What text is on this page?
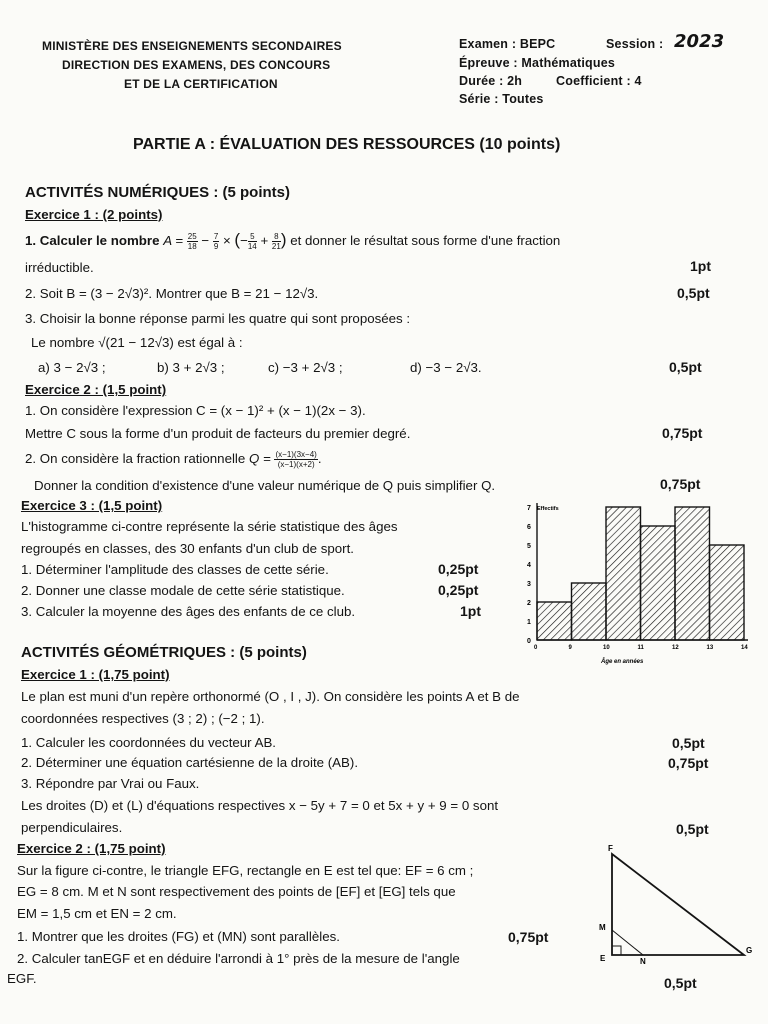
MINISTÈRE DES ENSEIGNEMENTS SECONDAIRES
DIRECTION DES EXAMENS, DES CONCOURS
ET DE LA CERTIFICATION
Examen : BEPC	Session : 2023
Épreuve : Mathématiques
Durée : 2h	Coefficient : 4
Série : Toutes
PARTIE A : ÉVALUATION DES RESSOURCES (10 points)
ACTIVITÉS NUMÉRIQUES : (5 points)
Exercice 1 : (2 points)
1. Calculer le nombre $A = \frac{25}{18} - \frac{7}{9}$ × (− $\frac{5}{14} + \frac{8}{21}$ ) et donner le résultat sous forme d'une fraction
irréductible.	1pt
2. Soit B = (3 − 2√3)². Montrer que B = 21 − 12√3.	0,5pt
3. Choisir la bonne réponse parmi les quatre qui sont proposées :
Le nombre √(21 − 12√3) est égal à :
a) 3 − 2√3 ;	b) 3 + 2√3 ;	c) −3 + 2√3 ;	d) −3 − 2√3.	0,5pt
Exercice 2 : (1,5 point)
1. On considère l'expression C = (x − 1)² + (x − 1)(2x − 3).
Mettre C sous la forme d'un produit de facteurs du premier degré.	0,75pt
2. On considère la fraction rationnelle $Q = \frac{(x-1)(3x-4)}{(x-1)(x+2)}$ .
Donner la condition d'existence d'une valeur numérique de Q puis simplifier Q.	0,75pt
Exercice 3 : (1,5 point)
L'histogramme ci-contre représente la série statistique des âges
regroupés en classes, des 30 enfants d'un club de sport.
1. Déterminer l'amplitude des classes de cette série.	0,25pt
2. Donner une classe modale de cette série statistique.	0,25pt
3. Calculer la moyenne des âges des enfants de ce club.	1pt
0
1
2
3
4
5
6
7
0	9	10	11	12	13	14
Effectifs
Âge en années
ACTIVITÉS GÉOMÉTRIQUES : (5 points)
Exercice 1 : (1,75 point)
Le plan est muni d'un repère orthonormé (O , I , J). On considère les points A et B de
coordonnées respectives (3 ; 2) ; (−2 ; 1).
1. Calculer les coordonnées du vecteur AB.	0,5pt
2. Déterminer une équation cartésienne de la droite (AB).	0,75pt
3. Répondre par Vrai ou Faux.
Les droites (D) et (L) d'équations respectives x − 5y + 7 = 0 et 5x + y + 9 = 0 sont
perpendiculaires.	0,5pt
Exercice 2 : (1,75 point)
Sur la figure ci-contre, le triangle EFG, rectangle en E est tel que: EF = 6 cm ;
EG = 8 cm. M et N sont respectivement des points de [EF] et [EG] tels que
EM = 1,5 cm et EN = 2 cm.
1. Montrer que les droites (FG) et (MN) sont parallèles.	0,75pt
2. Calculer tanEGF et en déduire l'arrondi à 1° près de la mesure de l'angle
EGF.	0,5pt
F
M
E	N
G
